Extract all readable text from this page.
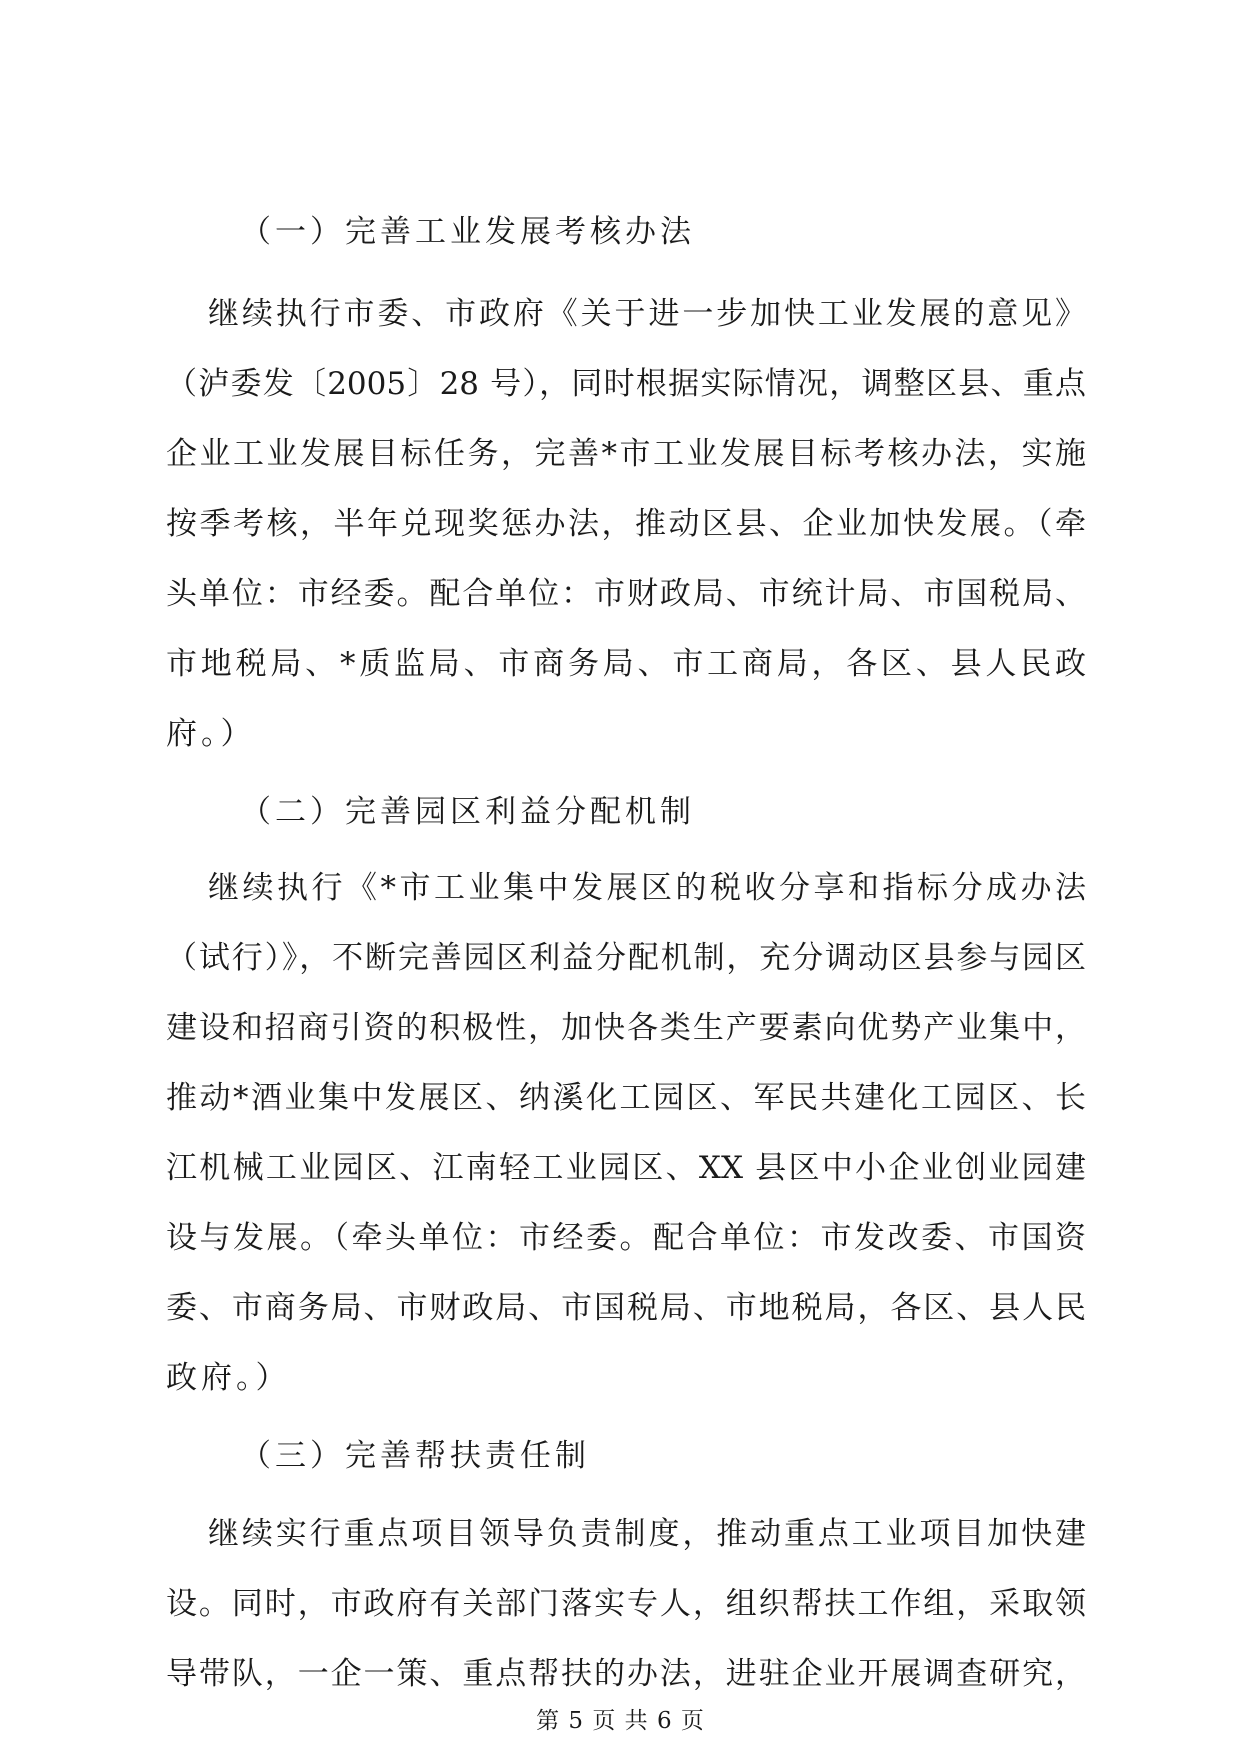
（一）完善工业发展考核办法
继续执行市委、市政府《关于进一步加快工业发展的意见》
（泸委发〔2005〕28 号），同时根据实际情况，调整区县、重点
企业工业发展目标任务，完善*市工业发展目标考核办法，实施
按季考核，半年兑现奖惩办法，推动区县、企业加快发展。（牵
头单位：市经委。配合单位：市财政局、市统计局、市国税局、
市地税局、*质监局、市商务局、市工商局，各区、县人民政
府。）
（二）完善园区利益分配机制
继续执行《*市工业集中发展区的税收分享和指标分成办法
（试行）》，不断完善园区利益分配机制，充分调动区县参与园区
建设和招商引资的积极性，加快各类生产要素向优势产业集中，
推动*酒业集中发展区、纳溪化工园区、军民共建化工园区、长
江机械工业园区、江南轻工业园区、XX 县区中小企业创业园建
设与发展。（牵头单位：市经委。配合单位：市发改委、市国资
委、市商务局、市财政局、市国税局、市地税局，各区、县人民
政府。）
（三）完善帮扶责任制
继续实行重点项目领导负责制度，推动重点工业项目加快建
设。同时，市政府有关部门落实专人，组织帮扶工作组，采取领
导带队，一企一策、重点帮扶的办法，进驻企业开展调查研究，
第 5 页 共 6 页
